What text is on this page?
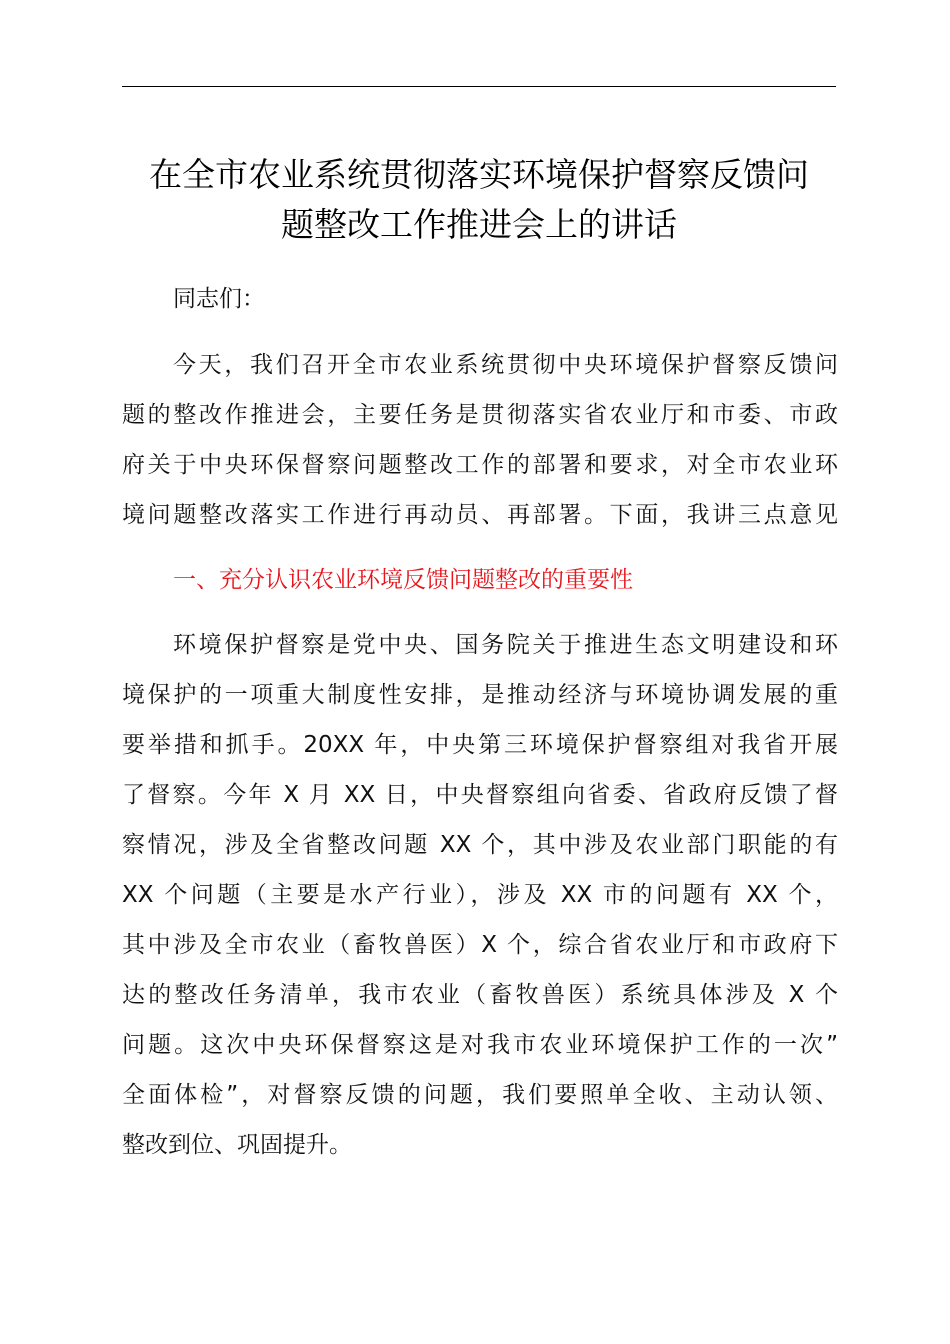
在全市农业系统贯彻落实环境保护督察反馈问
题整改工作推进会上的讲话
同志们：
今天，我们召开全市农业系统贯彻中央环境保护督察反馈问
题的整改作推进会，主要任务是贯彻落实省农业厅和市委、市政
府关于中央环保督察问题整改工作的部署和要求，对全市农业环
境问题整改落实工作进行再动员、再部署。下面，我讲三点意见
一、充分认识农业环境反馈问题整改的重要性
环境保护督察是党中央、国务院关于推进生态文明建设和环
境保护的一项重大制度性安排，是推动经济与环境协调发展的重
要举措和抓手。20XX 年，中央第三环境保护督察组对我省开展
了督察。今年 X 月 XX 日，中央督察组向省委、省政府反馈了督
察情况，涉及全省整改问题 XX 个，其中涉及农业部门职能的有
XX 个问题（主要是水产行业），涉及 XX 市的问题有 XX 个，
其中涉及全市农业（畜牧兽医）X 个，综合省农业厅和市政府下
达的整改任务清单，我市农业（畜牧兽医）系统具体涉及 X 个
问题。这次中央环保督察这是对我市农业环境保护工作的一次”
全面体检”，对督察反馈的问题，我们要照单全收、主动认领、
整改到位、巩固提升。
